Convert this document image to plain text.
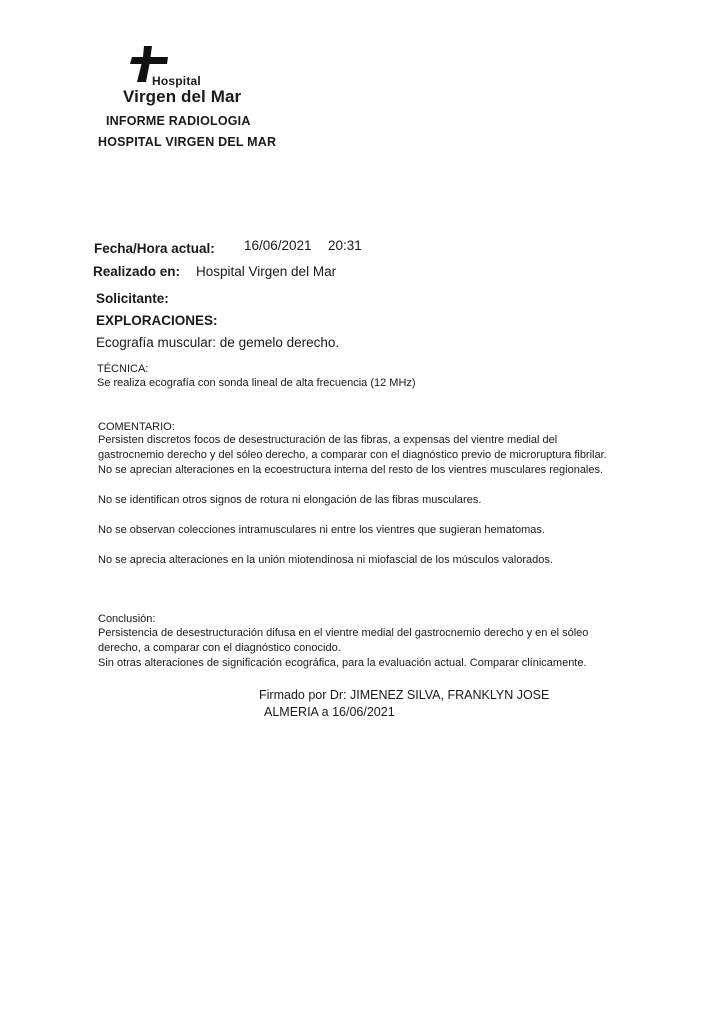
Hospital
Virgen del Mar
INFORME RADIOLOGIA
HOSPITAL VIRGEN DEL MAR
Fecha/Hora actual: 16/06/2021 20:31
Realizado en: Hospital Virgen del Mar
Solicitante:
EXPLORACIONES:
Ecografía muscular: de gemelo derecho.
TÉCNICA:
Se realiza ecografía con sonda lineal de alta frecuencia (12 MHz)
COMENTARIO:
Persisten discretos focos de desestructuración de las fibras, a expensas del vientre medial del
gastrocnemio derecho y del sóleo derecho, a comparar con el diagnóstico previo de microruptura fibrilar.
No se aprecian alteraciones en la ecoestructura interna del resto de los vientres musculares regionales.
No se identifican otros signos de rotura ni elongación de las fibras musculares.
No se observan colecciones intramusculares ni entre los vientres que sugieran hematomas.
No se aprecia alteraciones en la unión miotendinosa ni miofascial de los músculos valorados.
Conclusión:
Persistencia de desestructuración difusa en el vientre medial del gastrocnemio derecho y en el sóleo
derecho, a comparar con el diagnóstico conocido.
Sin otras alteraciones de significación ecográfica, para la evaluación actual. Comparar clínicamente.
Firmado por Dr: JIMENEZ SILVA, FRANKLYN JOSE
ALMERIA a 16/06/2021
